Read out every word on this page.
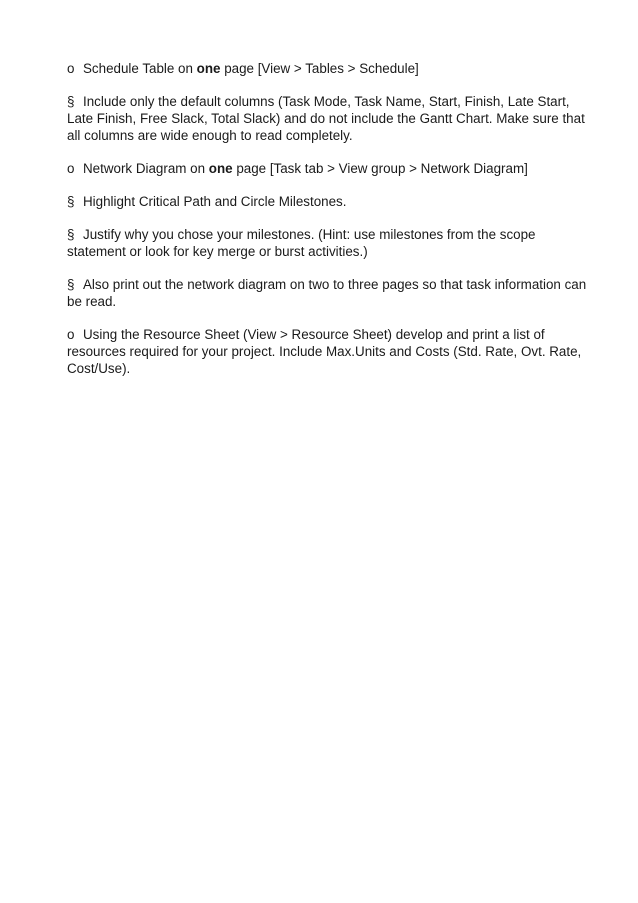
o Schedule Table on one page [View > Tables > Schedule]

§ Include only the default columns (Task Mode, Task Name, Start, Finish, Late Start, Late Finish, Free Slack, Total Slack) and do not include the Gantt Chart. Make sure that all columns are wide enough to read completely.

o Network Diagram on one page [Task tab > View group > Network Diagram]

§ Highlight Critical Path and Circle Milestones.

§ Justify why you chose your milestones. (Hint: use milestones from the scope statement or look for key merge or burst activities.)

§ Also print out the network diagram on two to three pages so that task information can be read.

o Using the Resource Sheet (View > Resource Sheet) develop and print a list of resources required for your project. Include Max.Units and Costs (Std. Rate, Ovt. Rate, Cost/Use).
